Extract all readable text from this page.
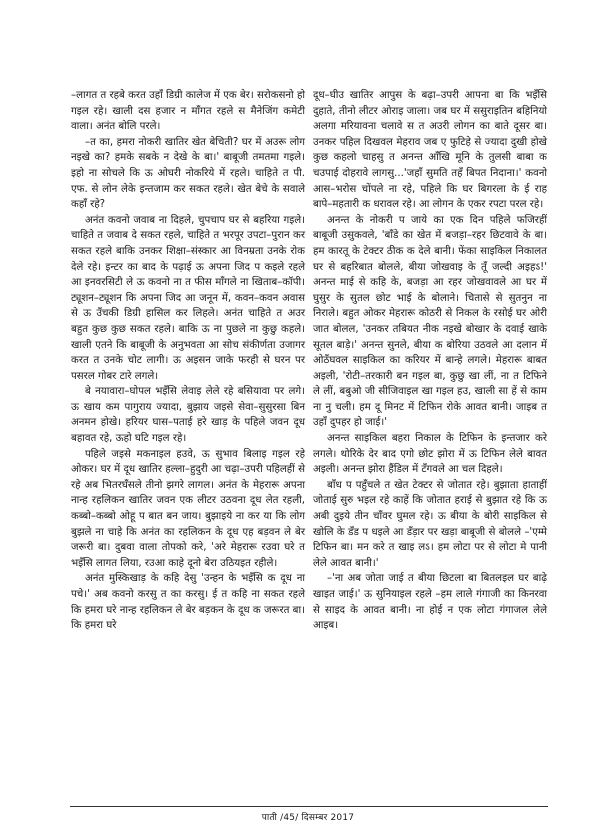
–लागत त रहबे करत उहाँ डिग्री कालेज में एक बेर। सरोकसनो हो गइल रहे। खाली दस हजार न माँगत रहले स मैनेजिंग कमेटी वाला। अनंत बोलि परले।

–त का, हमरा नोकरी खातिर खेत बेचिती? घर में अउरू लोग नइखे का? हमके सबके न देखे के बा।' बाबूजी तमतमा गइले। इहो ना सोचले कि ऊ ओघरी नोकरिये में रहले। चाहिते त पी. एफ. से लोन लेके इन्तजाम कर सकत रहले। खेत बेचे के सवाले कहाँ रहे?

अनंत कवनो जवाब ना दिहले, चुपचाप घर से बहरिया गइले। चाहिते त जवाब दे सकत रहले, चाहिते त भरपूर उपटा–पुरान कर सकत रहले बाकि उनकर शिक्षा–संस्कार आ विनम्रता उनके रोक देले रहे। इन्टर का बाद के पढ़ाई ऊ अपना जिद प कइले रहले आ इनवरसिटी ले ऊ कवनो ना त फीस माँगले ना खिताब–कॉपी। ट्यूशन–ट्यूशन कि अपना जिद आ जनून में, कवन–कवन अवास से ऊ उँचकी डिग्री हासिल कर लिहले। अनंत चाहिते त अउर बहुत कुछ कुछ सकत रहले। बाकि ऊ ना पुछले ना कुछु कहले। खाली एतने कि बाबूजी के अनुभवता आ सोच संकीर्णता उजागर करत त उनके चोट लागी। ऊ अइसन जाके फरही से घरन पर पसरल गोबर टारे लगले।

बे नयावारा–घोपल भइँसि लेवाइ लेले रहे बसियावा पर लगे। ऊ खाय कम पागुराय ज्यादा, बुझाय जइसे सेवा–सुसुरसा बिन अनमन होखे। हरियर घास–पताई हरे खाड़ के पहिले जवन दूध बहावत रहे, ऊहो घटि गइल रहे।

पहिले जइसे मकनाइल हउवे, ऊ सुभाव बिलाइ गइल रहे ओकर। घर में दूध खातिर हल्ला–हुदुरी आ चढ़ा–उपरी पहिलहीं से रहे अब भितरघँसले तीनो झगरे लागल। अनंत के मेहरारू अपना नान्ह रहलिकन खातिर जवन एक लीटर उठवना दूध लेत रहली, कब्बो–कब्बो ओहू प बात बन जाय। बुझाइये ना कर या कि लोग बुझले ना चाहे कि अनंत का रहलिकन के दूध एह बड़वन ले बेर जरूरी बा। दुबवा वाला तोपको करे, 'अरे मेहरारू रउवा घरे त भइँसि लागत लिया, रउआ काहे दूनो बेरा उठियइत रहीले।

अनंत मुस्किखाड़ के कहि देसु 'उन्हन के भइँसि क दूध ना पचे।' अब कवनो करसु त का करसु। ई त कहि ना सकत रहले कि हमरा घरे नान्ह रहलिकन ले बेर बड़कन के दूध क जरूरत बा। कि हमरा घरे

दूध–घीउ खातिर आपुस के बढ़ा–उपरी आपना बा कि भइँसि दुहाते, तीनो लीटर ओराइ जाला। जब घर में ससुराइतिन बहिनियो अलगा मरियावना चलावे स त अउरी लोगन का बाते दूसर बा। उनकर पहिल दिखवल मेहराव जब ए फुटिहे से ज्यादा दुखी होखे कुछ कहलो चाहसु त अनन्त आँखि मूनि के तुलसी बाबा क चउपाई दोहरावे लागसु...'जहाँ सुमति तहँ बिपत निदाना।' कवनो आस–भरोस चोंपले ना रहे, पहिले कि घर बिगरला के ई राह बापे–महतारी क धरावल रहे। आ लोगन के एकर रपटा परल रहे।

अनन्त के नोकरी प जाये का एक दिन पहिले फजिरहीं बाबूजी उसुकवले, 'बाँडे का खेत में बजड़ा–रहर छिटवावे के बा। हम कारतू के टेक्टर ठीक क देले बानी। फेंका साइकिल निकालत घर से बहरिबात बोलले, बीया जोखवाइ के तूँ जल्दी अइहऽ!' अनन्त माई से कहि के, बजड़ा आ रहर जोखवावले आ घर में घुसुर के सुतल छोट भाई के बोलाने। चितासे से सुतनुन ना निराले। बहुत ओकर मेहरारू कोठरी से निकल के रसोई घर ओरी जात बोलल, 'उनकर तबियत नीक नइखे बोखार के दवाई खाके सूतल बाड़े।' अनन्त सुनले, बीया क बोरिया उठवले आ दलान में ओठँघवल साइकिल का करियर में बान्हे लगले। मेहरारू बाबत अइली, 'रोटी–तरकारी बन गइल बा, कुछु खा लीं, ना त टिफिने ले लीं, बबुओ जी सीजिवाइल खा गइल हउ, खाली सा हें से काम ना नु चली। हम दू मिनट में टिफिन रोके आवत बानी। जाइब त उहाँ दुपहर हो जाई।'

अनन्त साइकिल बहरा निकाल के टिफिन के इन्तजार करे लगले। थोरिके देर बाद एगो छोट झोरा में ऊ टिफिन लेले बावत अइली। अनन्त झोरा हैंडिल में टँगवले आ चल दिहले।

बाँध प पहुँचले त खेत टेक्टर से जोतात रहे। बुझाता हाताहीं जोताई सुरु भइल रहे काहें कि जोतात हराई से बुझात रहे कि ऊ अबी दुइये तीन चाँवर घुमल रहे। ऊ बीया के बोरी साइकिल से खोलि के डँड प धइले आ डँड़ार पर खड़ा बाबूजी से बोलले –'एम्मे टिफिन बा। मन करे त खाइ लऽ। हम लोटा पर से लोटा मे पानी लेले आवत बानी।'

–'ना अब जोता जाई त बीया छिटला बा बितलइल घर बाढ़े खाइत जाई।' ऊ सुनियाइल रहले –हम लाले गंगाजी का किनरवा से साइद के आवत बानी। ना होई न एक लोटा गंगाजल लेले आइब।

पाती /45/ दिसम्बर 2017
